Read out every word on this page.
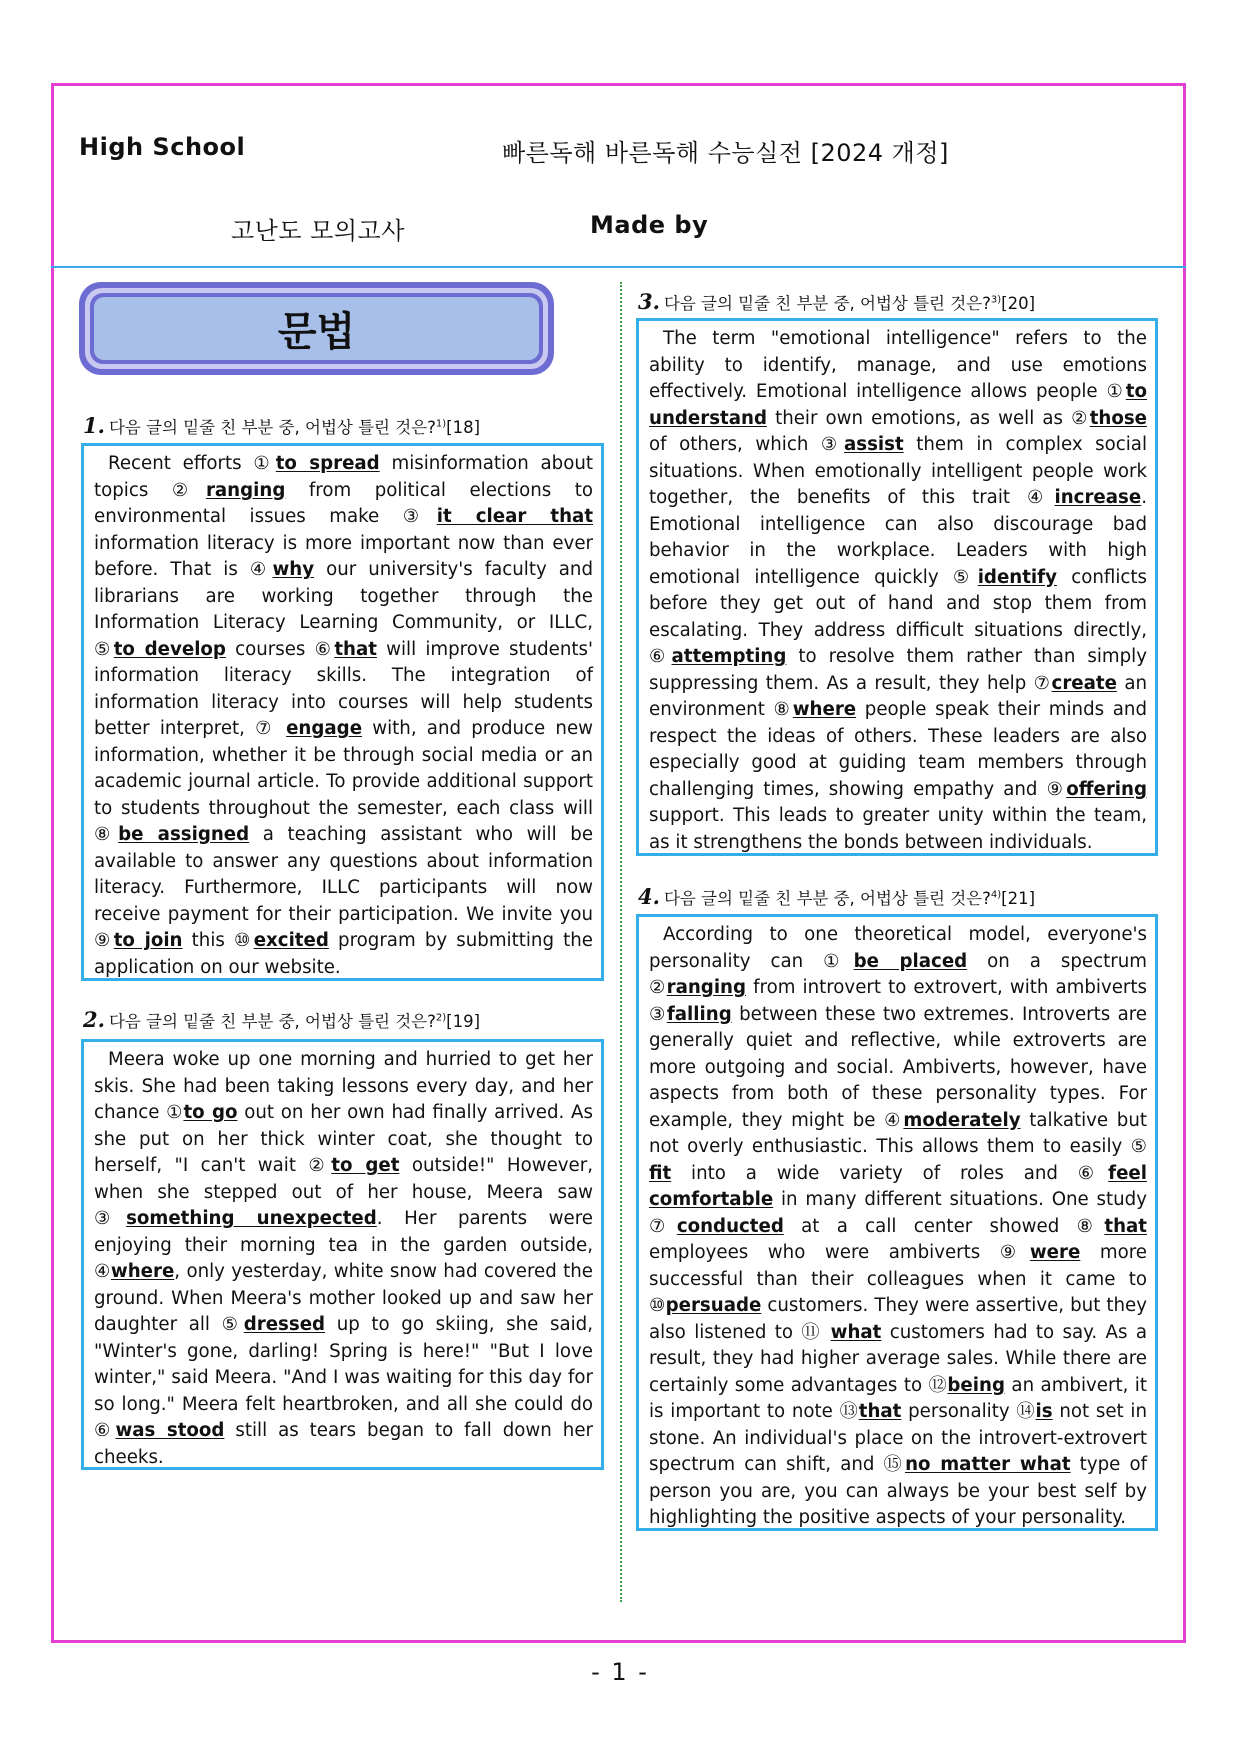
High School	빠른독해 바른독해 수능실전 [2024 개정]
고난도 모의고사	Made by
문법
1. 다음 글의 밑줄 친 부분 중, 어법상 틀린 것은?$^{1)}$[18]

Recent efforts ①to spread misinformation about topics ②ranging from political elections to environmental issues make ③it clear that information literacy is more important now than ever before. That is ④why our university's faculty and librarians are working together through the Information Literacy Learning Community, or ILLC, ⑤to develop courses ⑥that will improve students' information literacy skills. The integration of information literacy into courses will help students better interpret, ⑦ engage with, and produce new information, whether it be through social media or an academic journal article. To provide additional support to students throughout the semester, each class will ⑧be assigned a teaching assistant who will be available to answer any questions about information literacy. Furthermore, ILLC participants will now receive payment for their participation. We invite you ⑨to join this ⑩excited program by submitting the application on our website.

2. 다음 글의 밑줄 친 부분 중, 어법상 틀린 것은?$^{2)}$[19]

Meera woke up one morning and hurried to get her skis. She had been taking lessons every day, and her chance ①to go out on her own had finally arrived. As she put on her thick winter coat, she thought to herself, "I can't wait ②to get outside!" However, when she stepped out of her house, Meera saw ③something unexpected. Her parents were enjoying their morning tea in the garden outside, ④where, only yesterday, white snow had covered the ground. When Meera's mother looked up and saw her daughter all ⑤dressed up to go skiing, she said, "Winter's gone, darling! Spring is here!" "But I love winter," said Meera. "And I was waiting for this day for so long." Meera felt heartbroken, and all she could do ⑥was stood still as tears began to fall down her cheeks.

3. 다음 글의 밑줄 친 부분 중, 어법상 틀린 것은?$^{3)}$[20]

The term "emotional intelligence" refers to the ability to identify, manage, and use emotions effectively. Emotional intelligence allows people ①to understand their own emotions, as well as ②those of others, which ③assist them in complex social situations. When emotionally intelligent people work together, the benefits of this trait ④increase. Emotional intelligence can also discourage bad behavior in the workplace. Leaders with high emotional intelligence quickly ⑤identify conflicts before they get out of hand and stop them from escalating. They address difficult situations directly, ⑥attempting to resolve them rather than simply suppressing them. As a result, they help ⑦create an environment ⑧where people speak their minds and respect the ideas of others. These leaders are also especially good at guiding team members through challenging times, showing empathy and ⑨offering support. This leads to greater unity within the team, as it strengthens the bonds between individuals.

4. 다음 글의 밑줄 친 부분 중, 어법상 틀린 것은?$^{4)}$[21]

According to one theoretical model, everyone's personality can ①be placed on a spectrum ②ranging from introvert to extrovert, with ambiverts ③falling between these two extremes. Introverts are generally quiet and reflective, while extroverts are more outgoing and social. Ambiverts, however, have aspects from both of these personality types. For example, they might be ④moderately talkative but not overly enthusiastic. This allows them to easily ⑤ fit into a wide variety of roles and ⑥feel comfortable in many different situations. One study ⑦conducted at a call center showed ⑧that employees who were ambiverts ⑨were more successful than their colleagues when it came to ⑩persuade customers. They were assertive, but they also listened to ⑪ what customers had to say. As a result, they had higher average sales. While there are certainly some advantages to ⑫being an ambivert, it is important to note ⑬that personality ⑭is not set in stone. An individual's place on the introvert-extrovert spectrum can shift, and ⑮no matter what type of person you are, you can always be your best self by highlighting the positive aspects of your personality.

- 1 -
